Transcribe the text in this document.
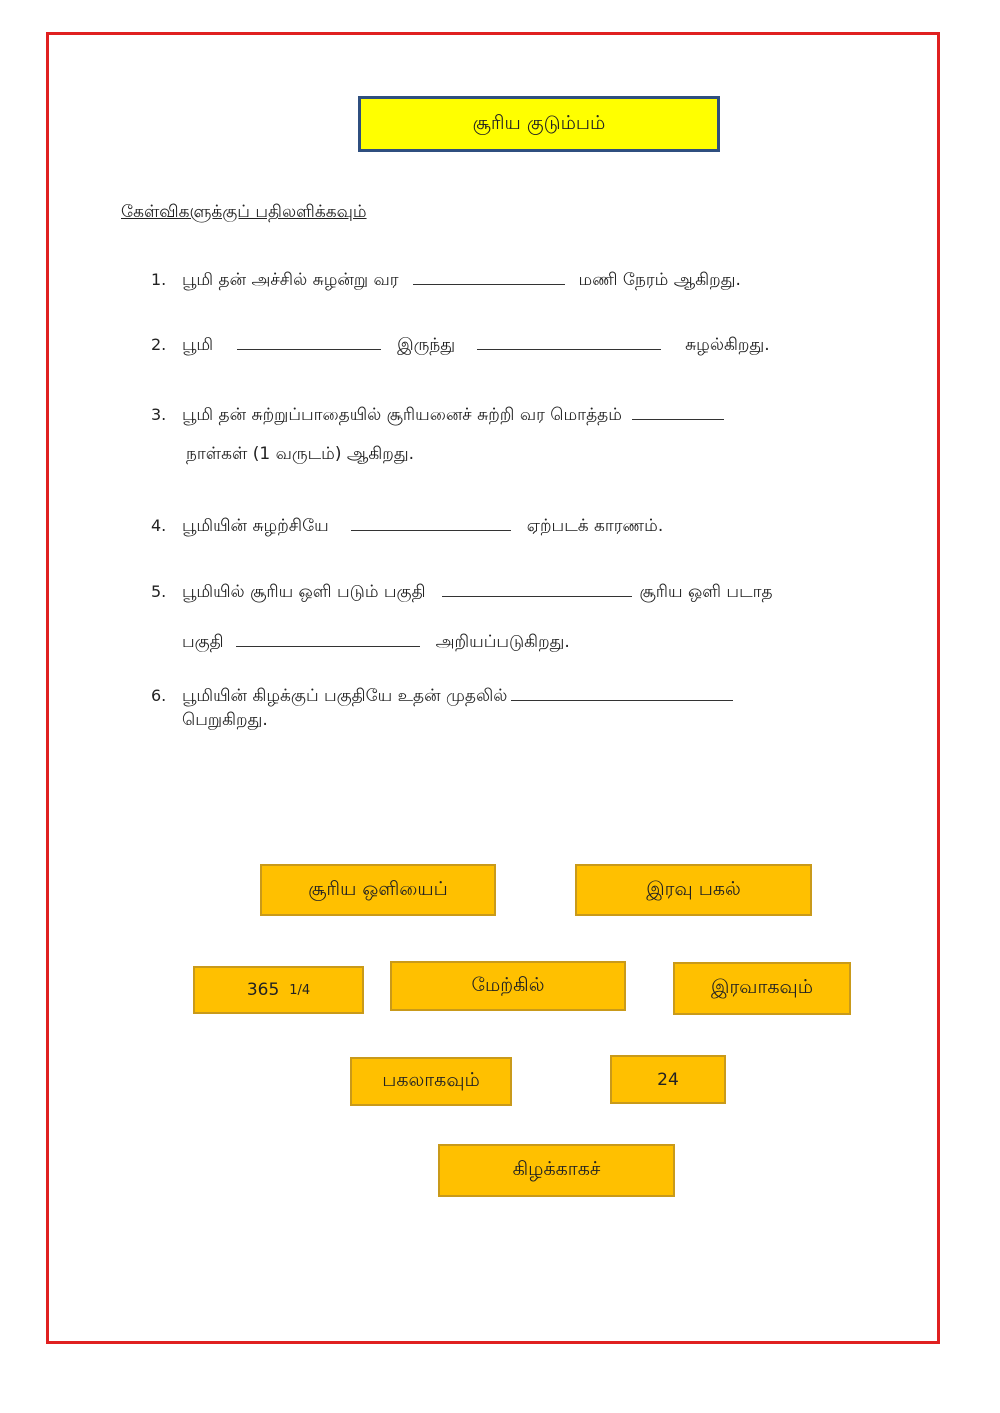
சூரிய குடும்பம்
கேள்விகளுக்குப் பதிலளிக்கவும்
1. பூமி தன் அச்சில் சுழன்று வர	மணி நேரம் ஆகிறது.
2. பூமி	இருந்து	சுழல்கிறது.
3. பூமி தன் சுற்றுப்பாதையில் சூரியனைச் சுற்றி வர மொத்தம்
நாள்கள் (1 வருடம்) ஆகிறது.
4. பூமியின் சுழற்சியே	ஏற்படக் காரணம்.
5. பூமியில் சூரிய ஒளி படும் பகுதி	சூரிய ஒளி படாத
பகுதி	அறியப்படுகிறது.
6. பூமியின் கிழக்குப் பகுதியே உதன் முதலில்
பெறுகிறது.
சூரிய ஒளியைப்	இரவு பகல்
365 1/4	மேற்கில்	இரவாகவும்
பகலாகவும்	24
கிழக்காகச்
